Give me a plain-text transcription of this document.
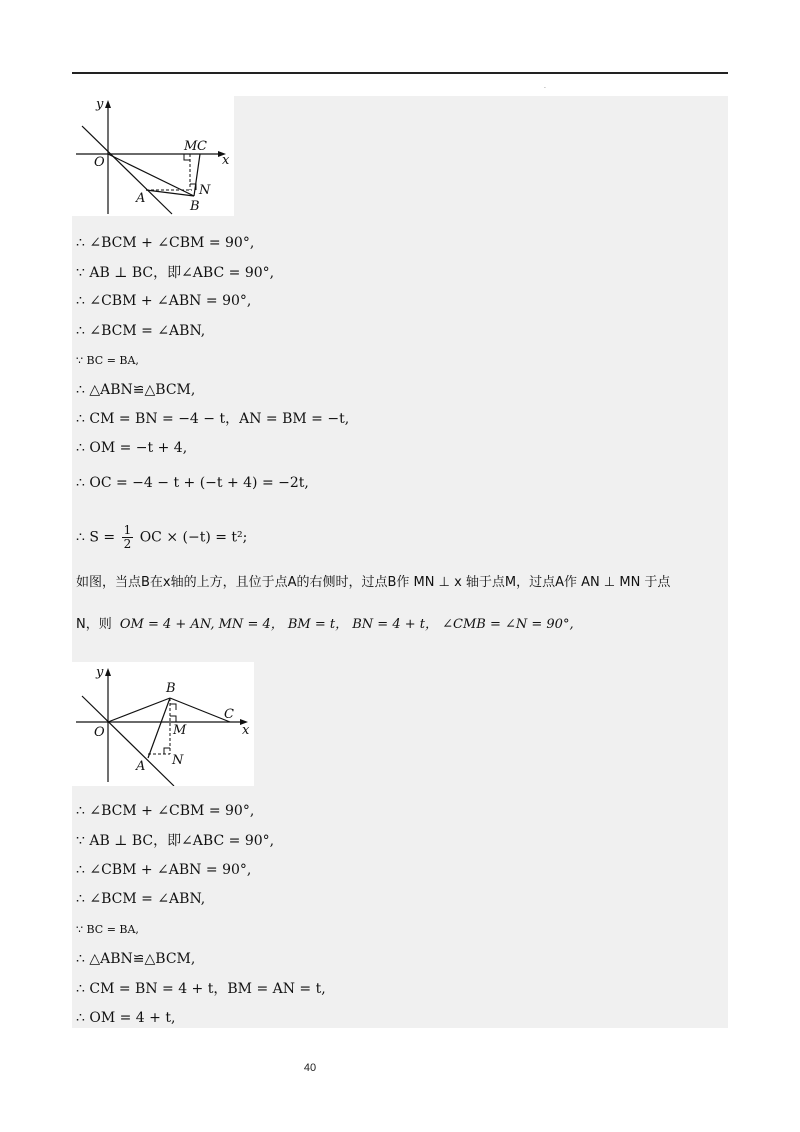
·
y
x
O
M C
N
A
B
∴ ∠BCM + ∠CBM = 90°,
∵ AB ⊥ BC，即∠ABC = 90°,
∴ ∠CBM + ∠ABN = 90°,
∴ ∠BCM = ∠ABN,
∵ BC = BA,
∴ △ABN≌△BCM,
∴ CM = BN = −4 − t，AN = BM = −t,
∴ OM = −t + 4,
∴ OC = −4 − t + (−t + 4) = −2t,
∴ $S = \frac{1}{2}$ OC × (−t) = t²;
如图，当点B在x轴的上方，且位于点A的右侧时，过点B作 MN ⊥ x 轴于点M，过点A作 AN ⊥ MN 于点
N，则 OM = 4 + AN, MN = 4， BM = t， BN = 4 + t， ∠CMB = ∠N = 90°,
y
x
O
B
C
M
A N
∴ ∠BCM + ∠CBM = 90°,
∵ AB ⊥ BC，即∠ABC = 90°,
∴ ∠CBM + ∠ABN = 90°,
∴ ∠BCM = ∠ABN,
∵ BC = BA,
∴ △ABN≌△BCM,
∴ CM = BN = 4 + t，BM = AN = t,
∴ OM = 4 + t,
40
